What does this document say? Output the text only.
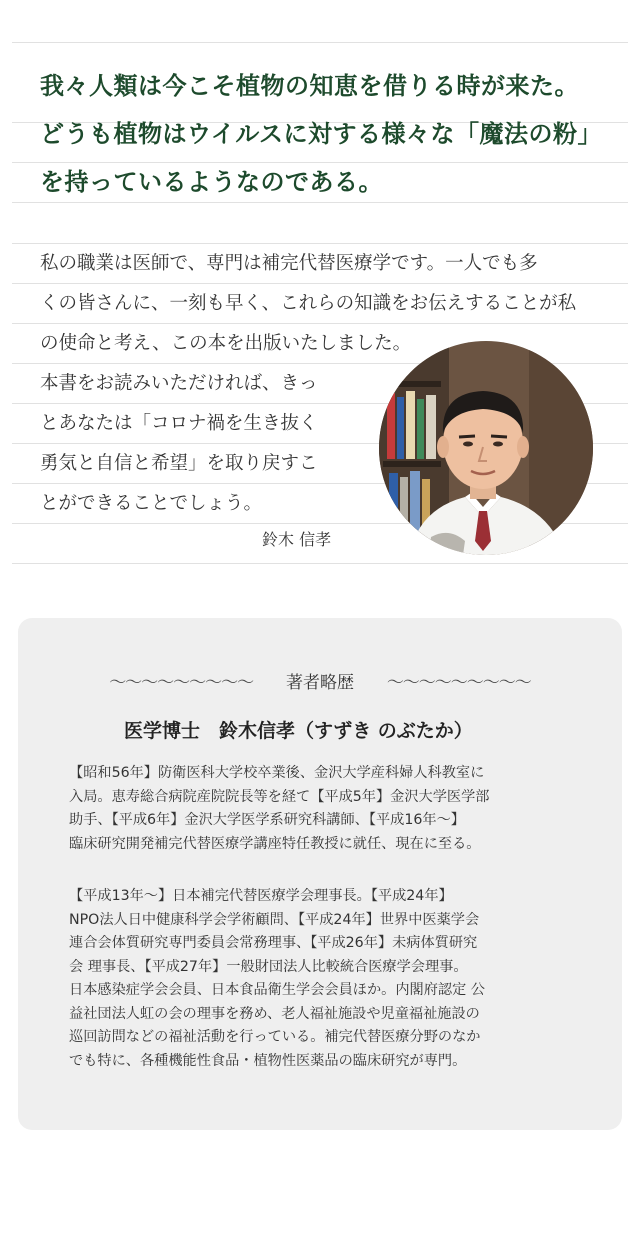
我々人類は今こそ植物の知恵を借りる時が来た。
どうも植物はウイルスに対する様々な「魔法の粉」
を持っているようなのである。
私の職業は医師で、専門は補完代替医療学です。一人でも多
くの皆さんに、一刻も早く、これらの知識をお伝えすることが私
の使命と考え、この本を出版いたしました。
本書をお読みいただければ、きっ
とあなたは「コロナ禍を生き抜く
勇気と自信と希望」を取り戻すこ
とができることでしょう。
鈴木 信孝
〜〜〜〜〜〜〜〜〜 著者略歴 〜〜〜〜〜〜〜〜〜
医学博士　鈴木信孝（すずき のぶたか）
【昭和56年】防衛医科大学校卒業後、金沢大学産科婦人科教室に
入局。恵寿総合病院産院院長等を経て【平成5年】金沢大学医学部
助手、【平成6年】金沢大学医学系研究科講師、【平成16年〜】
臨床研究開発補完代替医療学講座特任教授に就任、現在に至る。
【平成13年〜】日本補完代替医療学会理事長。【平成24年】
NPO法人日中健康科学会学術顧問、【平成24年】世界中医薬学会
連合会体質研究専門委員会常務理事、【平成26年】未病体質研究
会 理事長、【平成27年】一般財団法人比較統合医療学会理事。
日本感染症学会会員、日本食品衛生学会会員ほか。内閣府認定 公
益社団法人虹の会の理事を務め、老人福祉施設や児童福祉施設の
巡回訪問などの福祉活動を行っている。補完代替医療分野のなか
でも特に、各種機能性食品・植物性医薬品の臨床研究が専門。
